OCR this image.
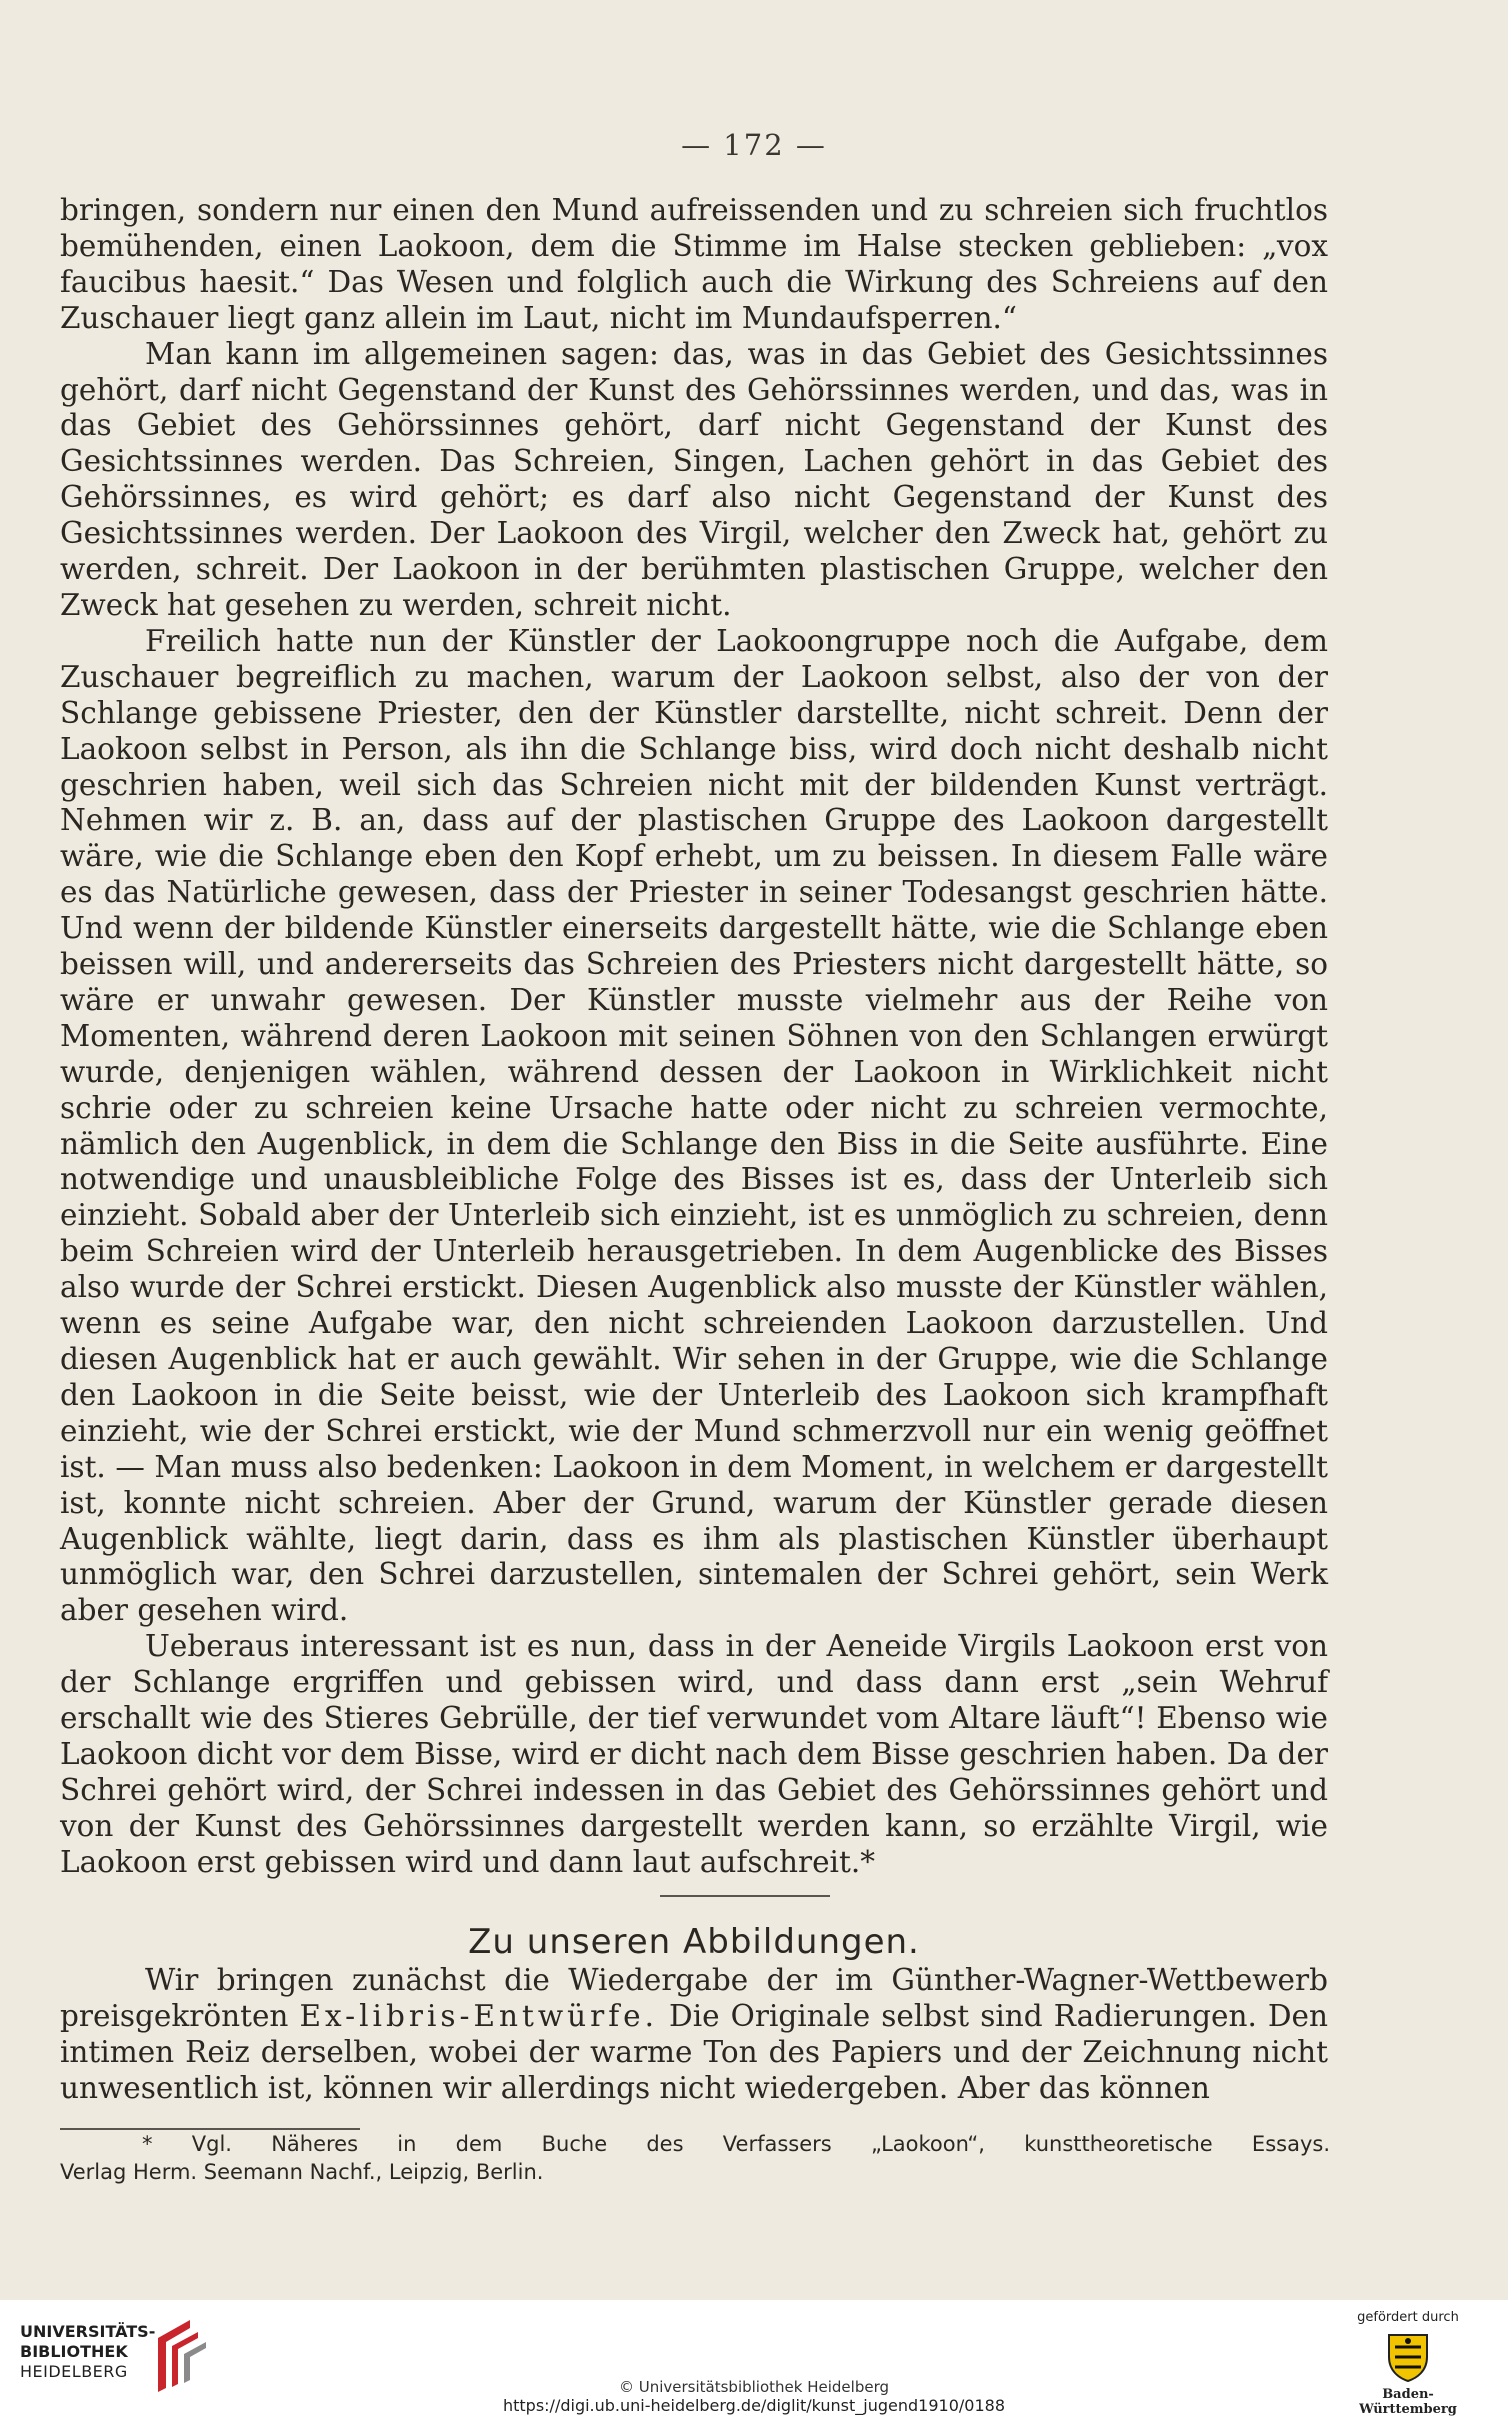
— 172 —

bringen, sondern nur einen den Mund aufreissenden und zu schreien sich fruchtlos bemühenden, einen Laokoon, dem die Stimme im Halse stecken geblieben: „vox faucibus haesit.“ Das Wesen und folglich auch die Wirkung des Schreiens auf den Zuschauer liegt ganz allein im Laut, nicht im Mundaufsperren.“

Man kann im allgemeinen sagen: das, was in das Gebiet des Gesichtssinnes gehört, darf nicht Gegenstand der Kunst des Gehörssinnes werden, und das, was in das Gebiet des Gehörssinnes gehört, darf nicht Gegenstand der Kunst des Gesichtssinnes werden. Das Schreien, Singen, Lachen gehört in das Gebiet des Gehörssinnes, es wird gehört; es darf also nicht Gegenstand der Kunst des Gesichtssinnes werden. Der Laokoon des Virgil, welcher den Zweck hat, gehört zu werden, schreit. Der Laokoon in der berühmten plastischen Gruppe, welcher den Zweck hat gesehen zu werden, schreit nicht.

Freilich hatte nun der Künstler der Laokoongruppe noch die Aufgabe, dem Zuschauer begreiflich zu machen, warum der Laokoon selbst, also der von der Schlange gebissene Priester, den der Künstler darstellte, nicht schreit. Denn der Laokoon selbst in Person, als ihn die Schlange biss, wird doch nicht deshalb nicht geschrien haben, weil sich das Schreien nicht mit der bildenden Kunst verträgt. Nehmen wir z. B. an, dass auf der plastischen Gruppe des Laokoon dargestellt wäre, wie die Schlange eben den Kopf erhebt, um zu beissen. In diesem Falle wäre es das Natürliche gewesen, dass der Priester in seiner Todesangst geschrien hätte. Und wenn der bildende Künstler einerseits dargestellt hätte, wie die Schlange eben beissen will, und andererseits das Schreien des Priesters nicht dargestellt hätte, so wäre er unwahr gewesen. Der Künstler musste vielmehr aus der Reihe von Momenten, während deren Laokoon mit seinen Söhnen von den Schlangen erwürgt wurde, denjenigen wählen, während dessen der Laokoon in Wirklichkeit nicht schrie oder zu schreien keine Ursache hatte oder nicht zu schreien vermochte, nämlich den Augenblick, in dem die Schlange den Biss in die Seite ausführte. Eine notwendige und unausbleibliche Folge des Bisses ist es, dass der Unterleib sich einzieht. Sobald aber der Unterleib sich einzieht, ist es unmöglich zu schreien, denn beim Schreien wird der Unterleib herausgetrieben. In dem Augenblicke des Bisses also wurde der Schrei erstickt. Diesen Augenblick also musste der Künstler wählen, wenn es seine Aufgabe war, den nicht schreienden Laokoon darzustellen. Und diesen Augenblick hat er auch gewählt. Wir sehen in der Gruppe, wie die Schlange den Laokoon in die Seite beisst, wie der Unterleib des Laokoon sich krampfhaft einzieht, wie der Schrei erstickt, wie der Mund schmerzvoll nur ein wenig geöffnet ist. — Man muss also bedenken: Laokoon in dem Moment, in welchem er dargestellt ist, konnte nicht schreien. Aber der Grund, warum der Künstler gerade diesen Augenblick wählte, liegt darin, dass es ihm als plastischen Künstler überhaupt unmöglich war, den Schrei darzustellen, sintemalen der Schrei gehört, sein Werk aber gesehen wird.

Ueberaus interessant ist es nun, dass in der Aeneide Virgils Laokoon erst von der Schlange ergriffen und gebissen wird, und dass dann erst „sein Wehruf erschallt wie des Stieres Gebrülle, der tief verwundet vom Altare läuft“! Ebenso wie Laokoon dicht vor dem Bisse, wird er dicht nach dem Bisse geschrien haben. Da der Schrei gehört wird, der Schrei indessen in das Gebiet des Gehörssinnes gehört und von der Kunst des Gehörssinnes dargestellt werden kann, so erzählte Virgil, wie Laokoon erst gebissen wird und dann laut aufschreit.*

Zu unseren Abbildungen.
Wir bringen zunächst die Wiedergabe der im Günther-Wagner-Wettbewerb preisgekrönten Ex-libris-Entwürfe. Die Originale selbst sind Radierungen. Den intimen Reiz derselben, wobei der warme Ton des Papiers und der Zeichnung nicht unwesentlich ist, können wir allerdings nicht wiedergeben. Aber das können
* Vgl. Näheres in dem Buche des Verfassers „Laokoon“, kunsttheoretische Essays.
Verlag Herm. Seemann Nachf., Leipzig, Berlin.
UNIVERSITÄTS-
BIBLIOTHEK
HEIDELBERG
© Universitätsbibliothek Heidelberg
https://digi.ub.uni-heidelberg.de/diglit/kunst_jugend1910/0188
gefördert durch
Baden-Württemberg
